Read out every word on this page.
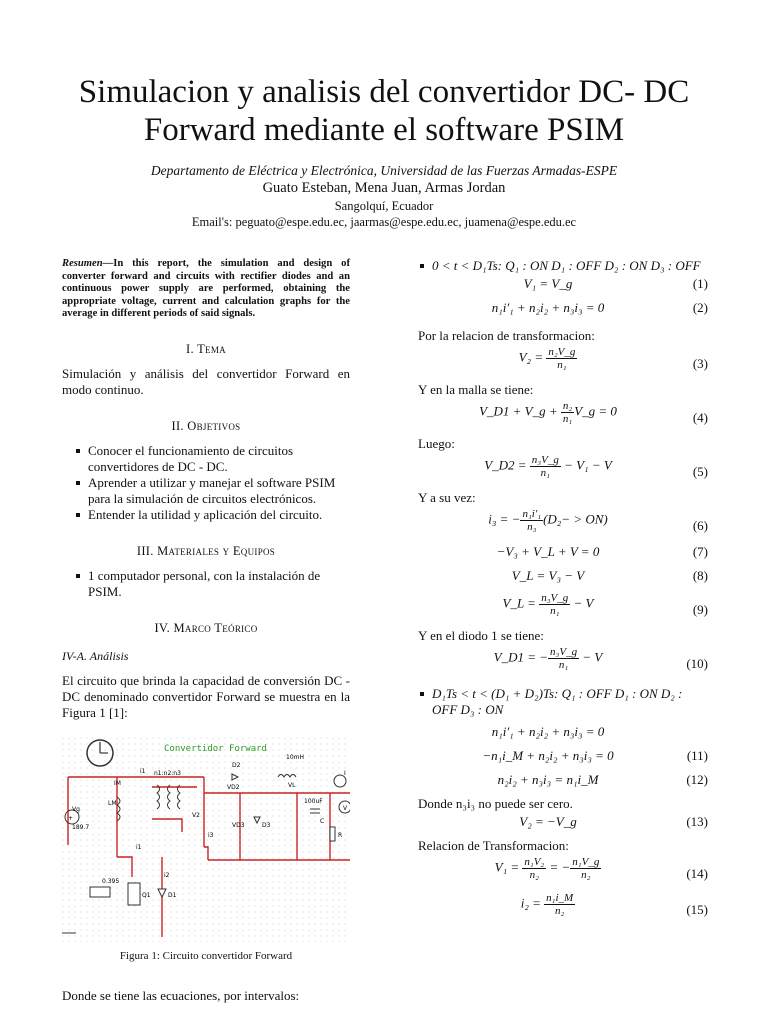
Simulacion y analisis del convertidor DC- DC
Forward mediante el software PSIM
Departamento de Eléctrica y Electrónica, Universidad de las Fuerzas Armadas-ESPE
Guato Esteban, Mena Juan, Armas Jordan
Sangolquí, Ecuador
Email's: peguato@espe.edu.ec, jaarmas@espe.edu.ec, juamena@espe.edu.ec
Resumen—In this report, the simulation and design of converter forward and circuits with rectifier diodes and an continuous power supply are performed, obtaining the appropriate voltage, current and calculation graphs for the average in different periods of said signals.
I. Tema

Simulación y análisis del convertidor Forward en modo continuo.

II. Objetivos
Conocer el funcionamiento de circuitos convertidores de DC - DC.
Aprender a utilizar y manejar el software PSIM para la simulación de circuitos electrónicos.
Entender la utilidad y aplicación del circuito.
III. Materiales y Equipos
1 computador personal, con la instalación de PSIM.
IV. Marco Teórico
IV-A. Análisis

El circuito que brinda la capacidad de conversión DC - DC denominado convertidor Forward se muestra en la Figura 1 [1]:

Convertidor Forward
+
Vg
189.7
LM
IM
i1 n1:n2:n3
D2
VD2
10mH
VL
V2
i3
VD3	D3
100uF
C
I
V
R
i1
i2
0.395
Q1	D1
Figura 1: Circuito convertidor Forward

Donde se tiene las ecuaciones, por intervalos:

0 < t < D₁Ts: Q₁ : ON D₁ : OFF D₂ : ON D₃ : OFF
V₁ = V_g	(1)
n₁i′₁ + n₂i₂ + n₃i₃ = 0	(2)

Por la relacion de transformacion:

$V_2 = \frac{\text{n₂V\_g}}{\text{n₁}}$	(3)

Y en la malla se tiene:

V_D1 + V_g + $\frac{\text{n₂}}{\text{n₁}}$ V_g = 0	(4)

Luego:

V_D2 = $\frac{\text{n₃V\_g}}{\text{n₁}} - V_1 - V$	(5)

Y a su vez:

i₃ = − $\frac{\text{n₁i′₁}}{\text{n₃}} (D_2- > ON)$	(6)
−V₃ + V_L + V = 0	(7)
V_L = V₃ − V	(8)
V_L = $\frac{\text{n₃V\_g}}{\text{n₁}} - V$	(9)

Y en el diodo 1 se tiene:

V_D1 = − $\frac{\text{n₃V\_g}}{\text{n₁}} - V$	(10)
D₁Ts < t < (D₁ + D₂)Ts: Q₁ : OFF D₁ : ON D₂ : OFF D₃ : ON
n₁i′₁ + n₂i₂ + n₃i₃ = 0
−n₁i_M + n₂i₂ + n₃i₃ = 0	(11)
n₂i₂ + n₃i₃ = n₁i_M	(12)

Donde n₃i₃ no puede ser cero.

V₂ = −V_g	(13)

Relacion de Transformacion:

$V_1 = \frac{\text{n₁V₂}}{\text{n₂}}$ = − $\frac{\text{n₁V\_g}}{\text{n₂}}$	(14)
$i_2 = \frac{\text{n₁i\_M}}{\text{n₂}}$	(15)
